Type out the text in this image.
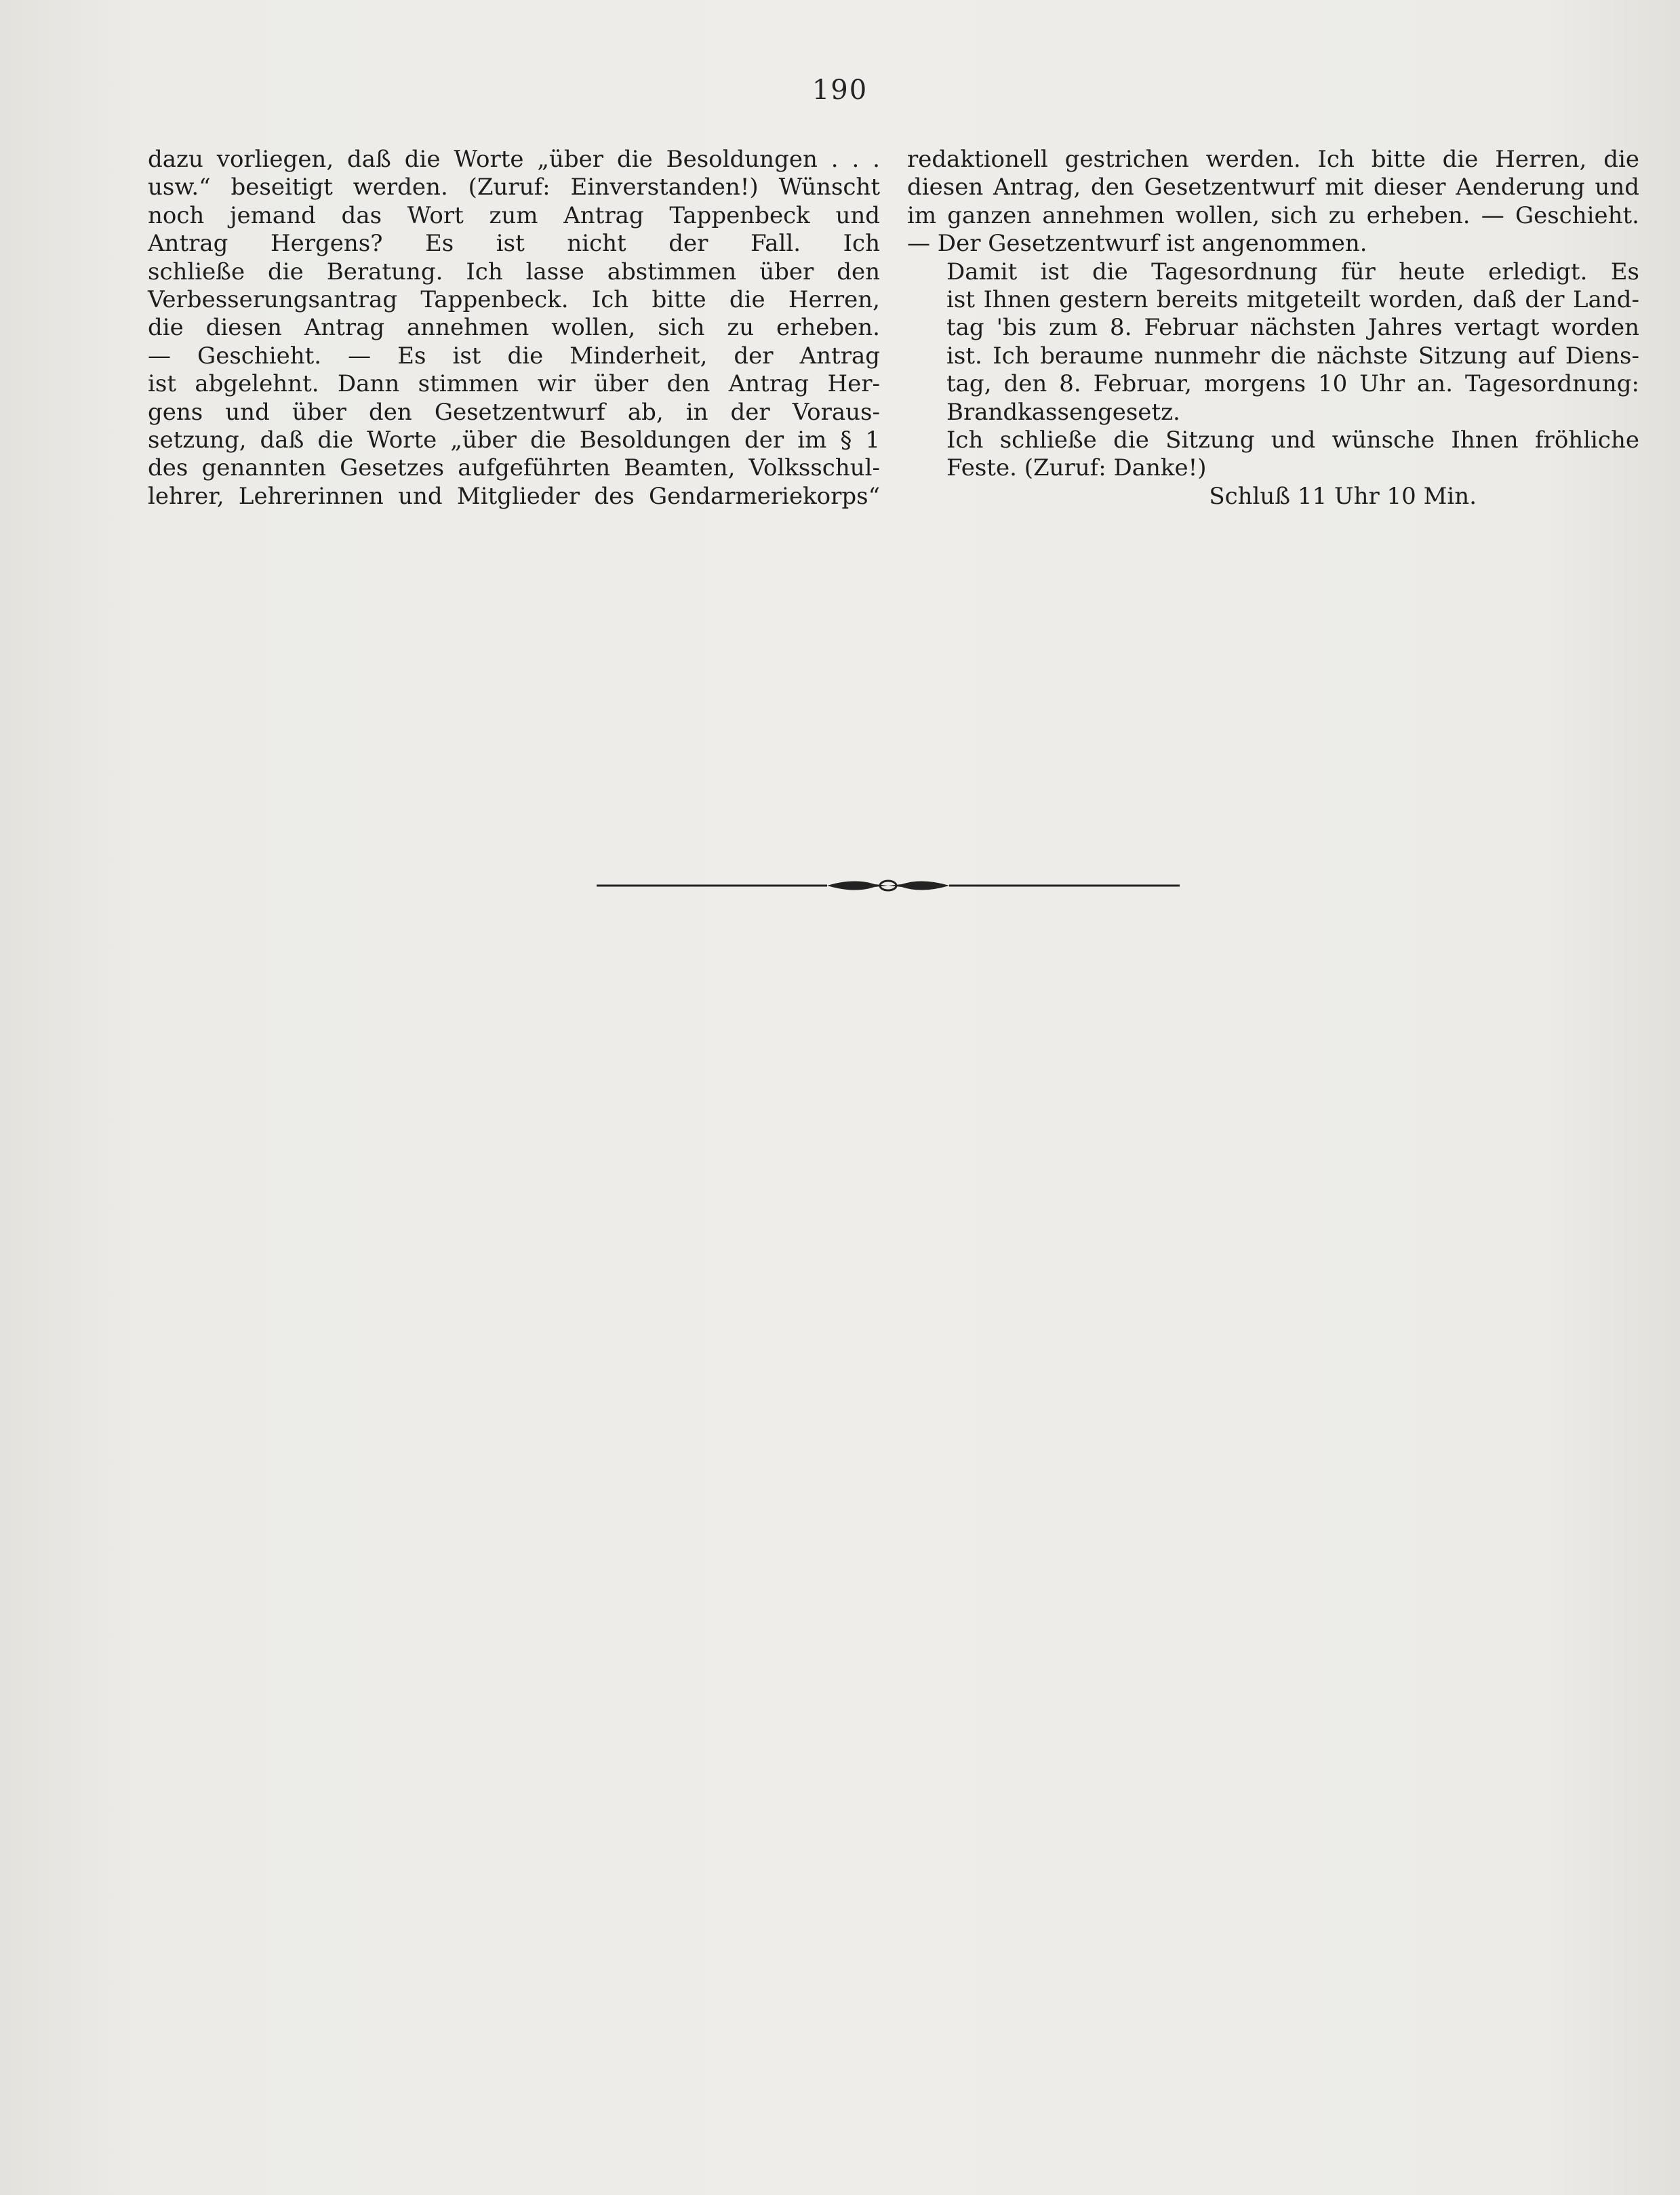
190

dazu vorliegen, daß die Worte „über die Besoldungen . . .
usw.“ beseitigt werden. (Zuruf: Einverstanden!) Wünscht
noch jemand das Wort zum Antrag Tappenbeck und
Antrag Hergens? Es ist nicht der Fall. Ich
schließe die Beratung. Ich lasse abstimmen über den
Verbesserungsantrag Tappenbeck. Ich bitte die Herren,
die diesen Antrag annehmen wollen, sich zu erheben.
— Geschieht. — Es ist die Minderheit, der Antrag
ist abgelehnt. Dann stimmen wir über den Antrag Her-
gens und über den Gesetzentwurf ab, in der Voraus-
setzung, daß die Worte „über die Besoldungen der im § 1
des genannten Gesetzes aufgeführten Beamten, Volksschul-
lehrer, Lehrerinnen und Mitglieder des Gendarmeriekorps“

redaktionell gestrichen werden. Ich bitte die Herren, die
diesen Antrag, den Gesetzentwurf mit dieser Aenderung und
im ganzen annehmen wollen, sich zu erheben. — Geschieht.
— Der Gesetzentwurf ist angenommen.

Damit ist die Tagesordnung für heute erledigt. Es
ist Ihnen gestern bereits mitgeteilt worden, daß der Land-
tag 'bis zum 8. Februar nächsten Jahres vertagt worden
ist. Ich beraume nunmehr die nächste Sitzung auf Diens-
tag, den 8. Februar, morgens 10 Uhr an. Tagesordnung:
Brandkassengesetz.

Ich schließe die Sitzung und wünsche Ihnen fröhliche
Feste. (Zuruf: Danke!)

Schluß 11 Uhr 10 Min.
